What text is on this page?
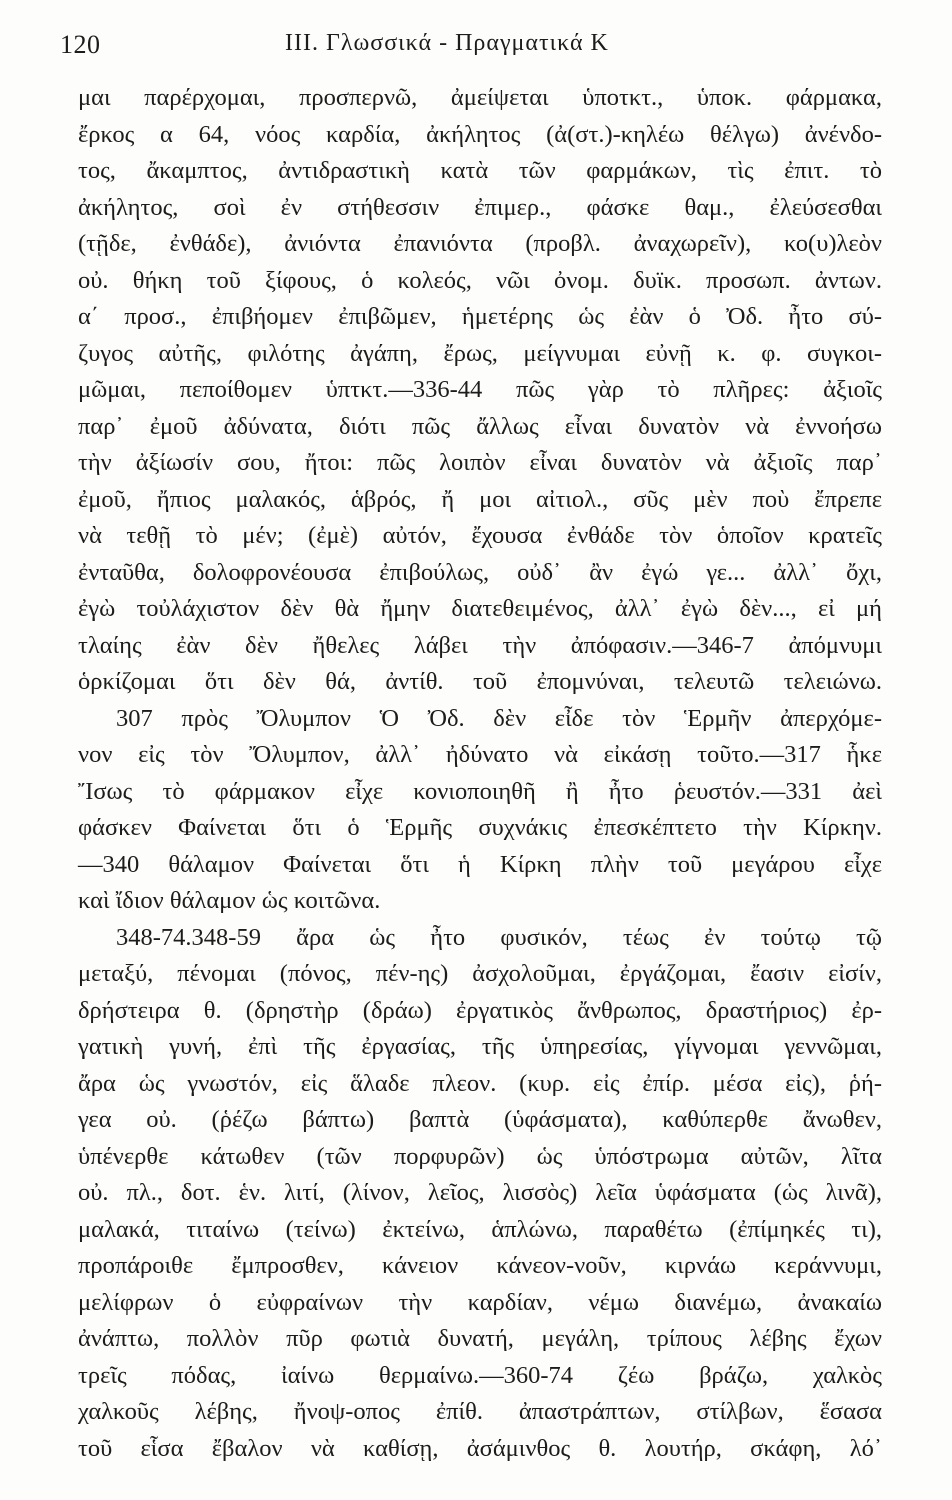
120	ΙΙΙ. Γλωσσικά - Πραγματικά Κ
μαι παρέρχομαι, προσπερνῶ, ἀμείψεται ὑποτκτ., ὑποκ. φάρμακα,
ἔρκος α 64, νόος καρδία, ἀκήλητος (ἀ(στ.)-κηλέω θέλγω) ἀνένδο-
τος, ἄκαμπτος, ἀντιδραστικὴ κατὰ τῶν φαρμάκων, τὶς ἐπιτ. τὸ
ἀκήλητος, σοὶ ἐν στήθεσσιν ἐπιμερ., φάσκε θαμ., ἐλεύσεσθαι
(τῇδε, ἐνθάδε), ἀνιόντα ἐπανιόντα (προβλ. ἀναχωρεῖν), κο(υ)λεὸν
οὐ. θήκη τοῦ ξίφους, ὁ κολεός, νῶι ὀνομ. δυϊκ. προσωπ. ἀντων.
α΄ προσ., ἐπιβήομεν ἐπιβῶμεν, ἡμετέρης ὡς ἐὰν ὁ Ὀδ. ἦτο σύ-
ζυγος αὐτῆς, φιλότης ἀγάπη, ἔρως, μείγνυμαι εὐνῇ κ. φ. συγκοι-
μῶμαι, πεποίθομεν ὑπτκτ.—336-44 πῶς γὰρ τὸ πλῆρες: ἀξιοῖς
παρ᾽ ἐμοῦ ἀδύνατα, διότι πῶς ἄλλως εἶναι δυνατὸν νὰ ἐννοήσω
τὴν ἀξίωσίν σου, ἤτοι: πῶς λοιπὸν εἶναι δυνατὸν νὰ ἀξιοῖς παρ᾽
ἐμοῦ, ἤπιος μαλακός, ἁβρός, ἤ μοι αἰτιολ., σῦς μὲν ποὺ ἔπρεπε
νὰ τεθῇ τὸ μέν; (ἐμὲ) αὐτόν, ἔχουσα ἐνθάδε τὸν ὁποῖον κρατεῖς
ἐνταῦθα, δολοφρονέουσα ἐπιβούλως, οὐδ᾽ ἂν ἐγώ γε... ἀλλ᾽ ὄχι,
ἐγὼ τοὐλάχιστον δὲν θὰ ἤμην διατεθειμένος, ἀλλ᾽ ἐγὼ δὲν..., εἰ μή
τλαίης ἐὰν δὲν ἤθελες λάβει τὴν ἀπόφασιν.—346-7 ἀπόμνυμι
ὁρκίζομαι ὅτι δὲν θά, ἀντίθ. τοῦ ἐπομνύναι, τελευτῶ τελειώνω.
307 πρὸς Ὄλυμπον Ὁ Ὀδ. δὲν εἶδε τὸν Ἑρμῆν ἀπερχόμε-
νον εἰς τὸν Ὄλυμπον, ἀλλ᾽ ἠδύνατο νὰ εἰκάσῃ τοῦτο.—317 ἧκε
Ἴσως τὸ φάρμακον εἶχε κονιοποιηθῆ ἢ ἦτο ῥευστόν.—331 ἀεὶ
φάσκεν Φαίνεται ὅτι ὁ Ἑρμῆς συχνάκις ἐπεσκέπτετο τὴν Κίρκην.
—340 θάλαμον Φαίνεται ὅτι ἡ Κίρκη πλὴν τοῦ μεγάρου εἶχε
καὶ ἴδιον θάλαμον ὡς κοιτῶνα.
348-74.348-59 ἄρα ὡς ἦτο φυσικόν, τέως ἐν τούτῳ τῷ
μεταξύ, πένομαι (πόνος, πέν-ης) ἀσχολοῦμαι, ἐργάζομαι, ἔασιν εἰσίν,
δρήστειρα θ. (δρηστὴρ (δράω) ἐργατικὸς ἄνθρωπος, δραστήριος) ἐρ-
γατικὴ γυνή, ἐπὶ τῆς ἐργασίας, τῆς ὑπηρεσίας, γίγνομαι γεννῶμαι,
ἄρα ὡς γνωστόν, εἰς ἅλαδε πλεον. (κυρ. εἰς ἐπίρ. μέσα εἰς), ῥή-
γεα οὐ. (ῥέζω βάπτω) βαπτὰ (ὑφάσματα), καθύπερθε ἄνωθεν,
ὑπένερθε κάτωθεν (τῶν πορφυρῶν) ὡς ὑπόστρωμα αὐτῶν, λῖτα
οὐ. πλ., δοτ. ἑν. λιτί, (λίνον, λεῖος, λισσὸς) λεῖα ὑφάσματα (ὡς λινᾶ),
μαλακά, τιταίνω (τείνω) ἐκτείνω, ἁπλώνω, παραθέτω (ἐπίμηκές τι),
προπάροιθε ἔμπροσθεν, κάνειον κάνεον-νοῦν, κιρνάω κεράννυμι,
μελίφρων ὁ εὐφραίνων τὴν καρδίαν, νέμω διανέμω, ἀνακαίω
ἀνάπτω, πολλὸν πῦρ φωτιὰ δυνατή, μεγάλη, τρίπους λέβης ἔχων
τρεῖς πόδας, ἰαίνω θερμαίνω.—360-74 ζέω βράζω, χαλκὸς
χαλκοῦς λέβης, ἤνοψ-οπος ἐπίθ. ἀπαστράπτων, στίλβων, ἕσασα
τοῦ εἷσα ἔβαλον νὰ καθίσῃ, ἀσάμινθος θ. λουτήρ, σκάφη, λό᾽
